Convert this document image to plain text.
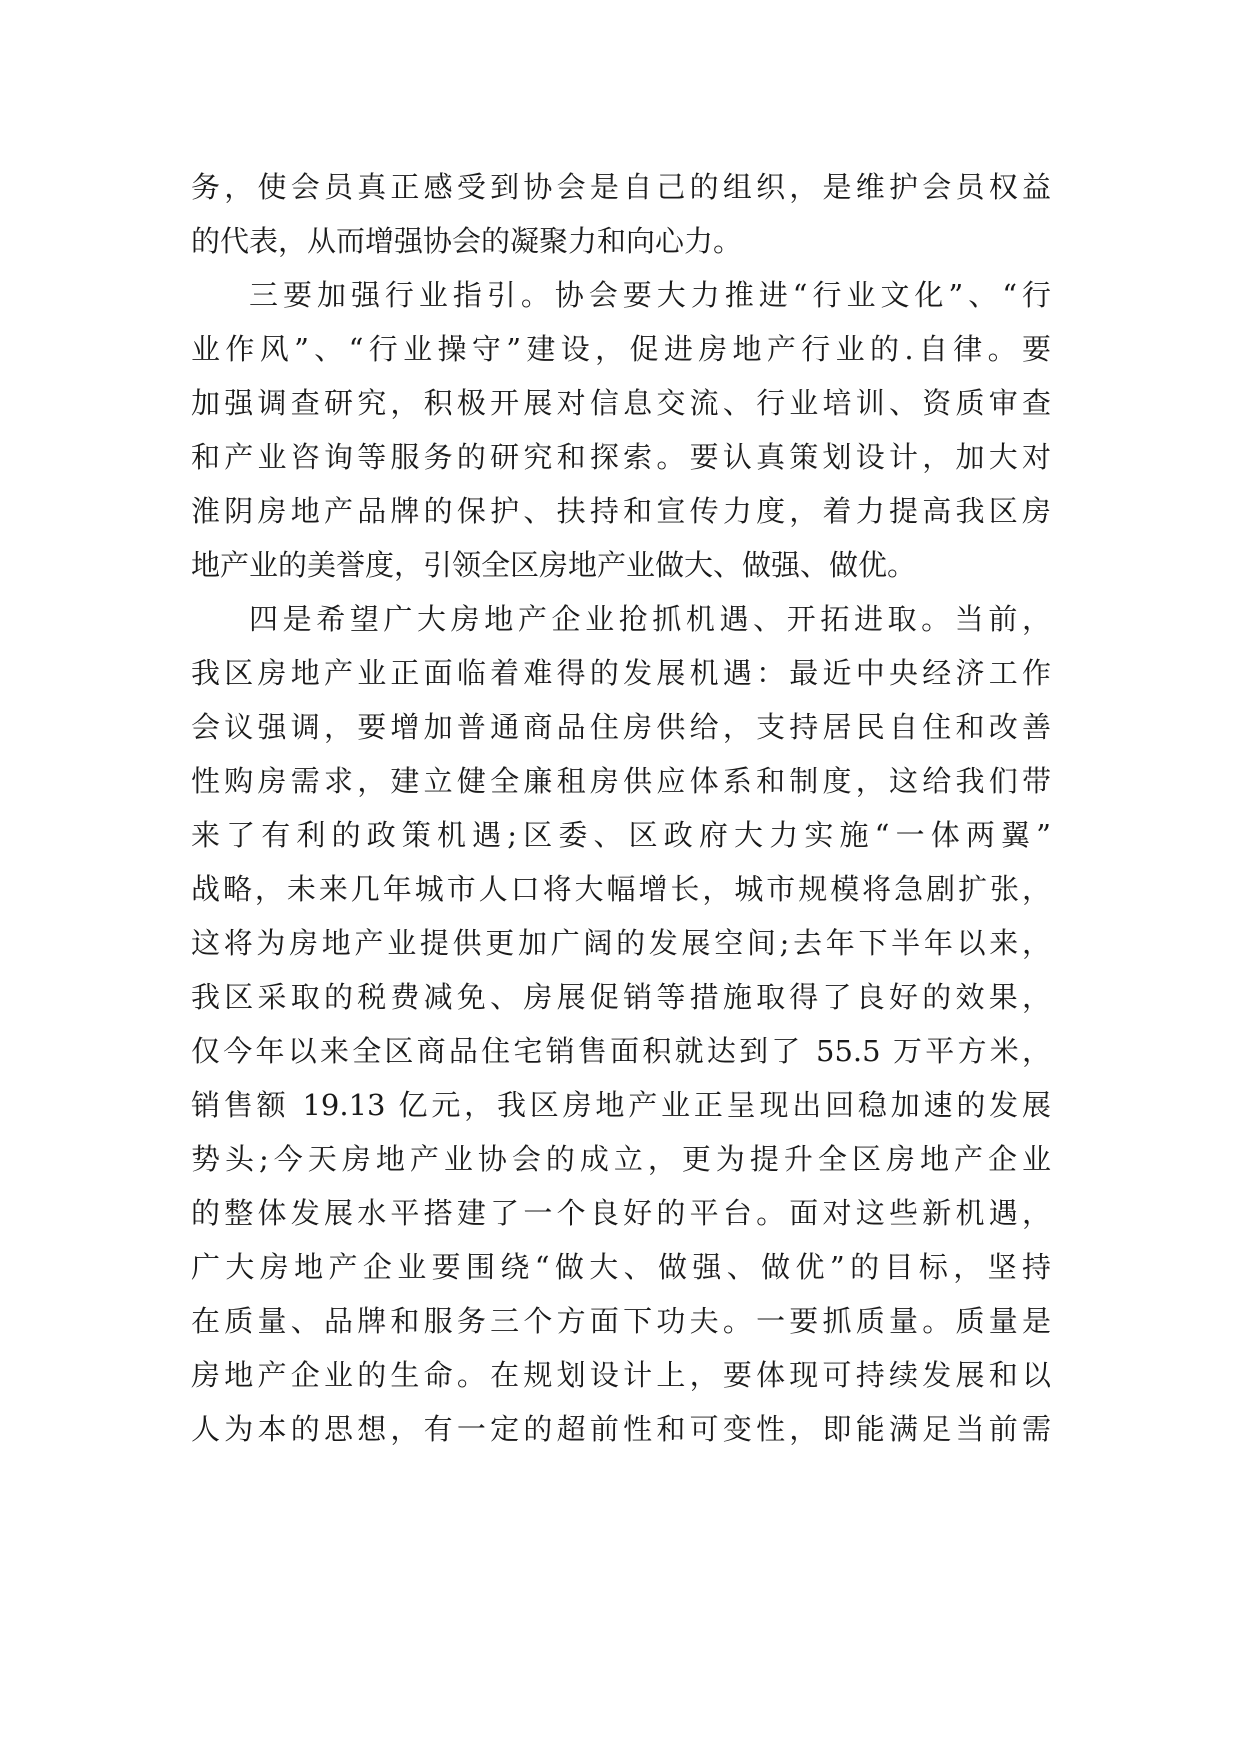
务，使会员真正感受到协会是自己的组织，是维护会员权益
的代表，从而增强协会的凝聚力和向心力。
三要加强行业指引。协会要大力推进“行业文化”、“行
业作风”、“行业操守”建设，促进房地产行业的.自律。要
加强调查研究，积极开展对信息交流、行业培训、资质审查
和产业咨询等服务的研究和探索。要认真策划设计，加大对
淮阴房地产品牌的保护、扶持和宣传力度，着力提高我区房
地产业的美誉度，引领全区房地产业做大、做强、做优。
四是希望广大房地产企业抢抓机遇、开拓进取。当前，
我区房地产业正面临着难得的发展机遇：最近中央经济工作
会议强调，要增加普通商品住房供给，支持居民自住和改善
性购房需求，建立健全廉租房供应体系和制度，这给我们带
来了有利的政策机遇;区委、区政府大力实施“一体两翼”
战略，未来几年城市人口将大幅增长，城市规模将急剧扩张，
这将为房地产业提供更加广阔的发展空间;去年下半年以来，
我区采取的税费减免、房展促销等措施取得了良好的效果，
仅今年以来全区商品住宅销售面积就达到了 55.5 万平方米，
销售额 19.13 亿元，我区房地产业正呈现出回稳加速的发展
势头;今天房地产业协会的成立，更为提升全区房地产企业
的整体发展水平搭建了一个良好的平台。面对这些新机遇，
广大房地产企业要围绕“做大、做强、做优”的目标，坚持
在质量、品牌和服务三个方面下功夫。一要抓质量。质量是
房地产企业的生命。在规划设计上，要体现可持续发展和以
人为本的思想，有一定的超前性和可变性，即能满足当前需
